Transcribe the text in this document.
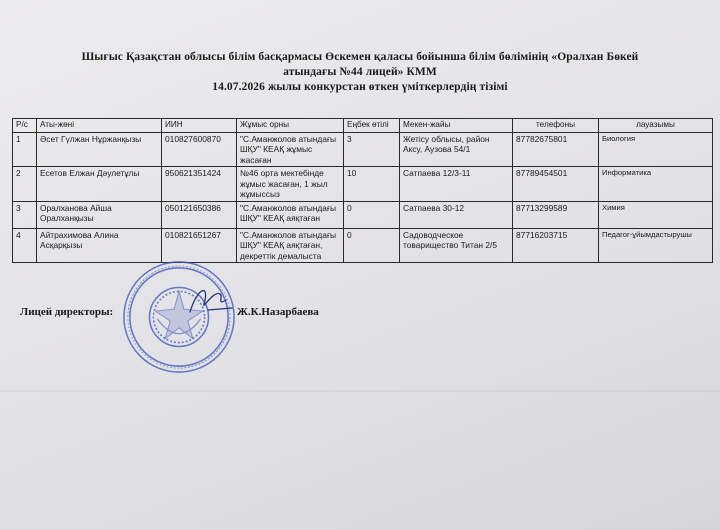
Шығыс Қазақстан облысы білім басқармасы Өскемен қаласы бойынша білім бөлімінің «Оралхан Бөкей
атындағы №44 лицей» КММ
14.07.2026 жылы конкурстан өткен үміткерлердің тізімі
Р/с	Аты-жөні	ИИН	Жұмыс орны	Еңбек өтілі	Мекен-жайы	телефоны	лауазымы
1	Әсет Гүлжан Нұржанқызы	010827600870	"С.Аманжолов атындағы ШҚУ" КЕАҚ жұмыс жасаған	3	Жетісу облысы, район Аксу, Аузова 54/1	87782675801	Биология
2	Есетов Елжан Дәулетұлы	950621351424	№46 орта мектебінде жұмыс жасаған, 1 жыл жұмыссыз	10	Сатпаева 12/3-11	87789454501	Информатика
3	Оралханова Айша Оралханқызы	050121650386	"С.Аманжолов атындағы ШҚУ" КЕАҚ аяқтаған	0	Сатпаева 30-12	87713299589	Химия
4	Айтрахимова Алина Асқарқызы	010821651267	"С.Аманжолов атындағы ШҚУ" КЕАҚ аяқтаған, декреттік демалыста	0	Садоводческое товарищество Титан 2/5	87716203715	Педагог-ұйымдастырушы
Лицей директоры:	Ж.К.Назарбаева
